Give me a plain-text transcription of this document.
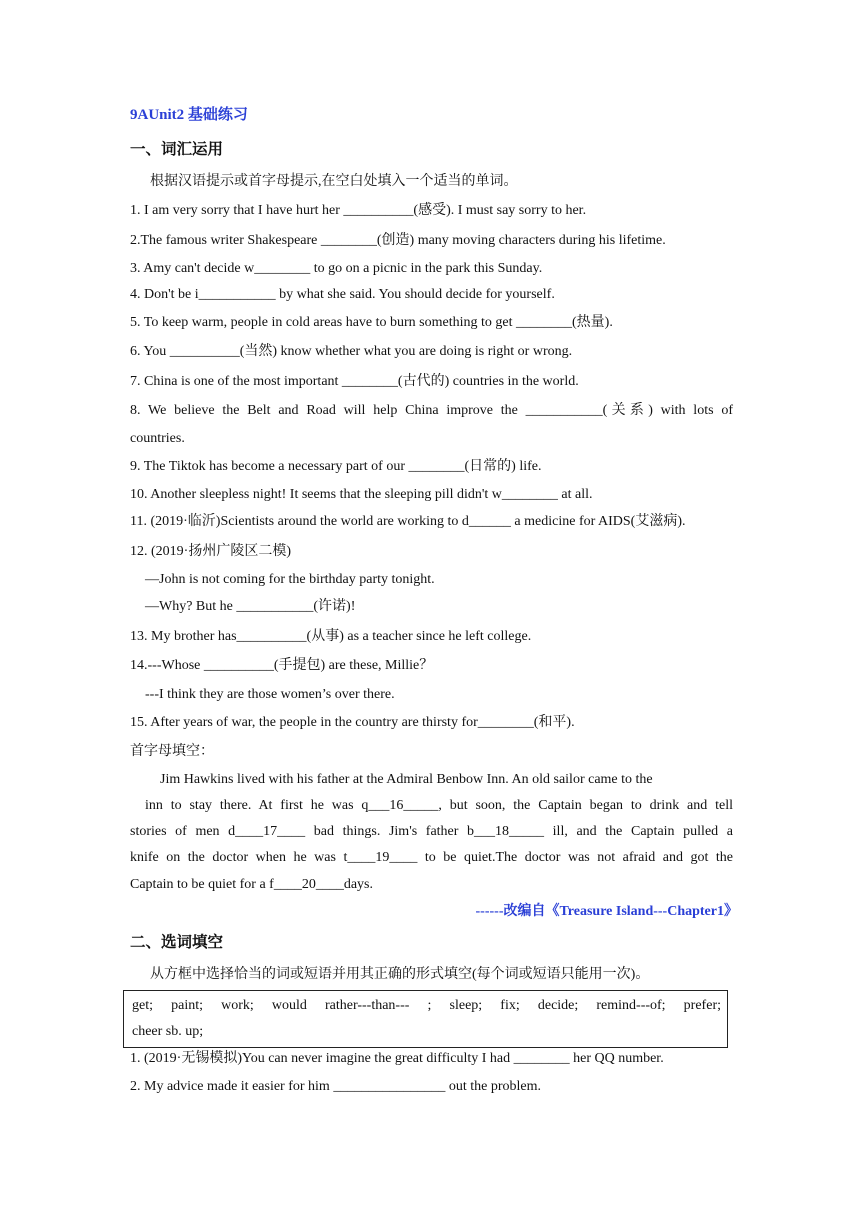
9AUnit2 基础练习
一、词汇运用
根据汉语提示或首字母提示,在空白处填入一个适当的单词。
1. I am very sorry that I have hurt her __________(感受). I must say sorry to her.
2.The famous writer Shakespeare ________(创造) many moving characters during his lifetime.
3. Amy can't decide w________ to go on a picnic in the park this Sunday.
4. Don't be i___________ by what she said. You should decide for yourself.
5. To keep warm, people in cold areas have to burn something to get ________(热量).
6. You __________(当然) know whether what you are doing is right or wrong.
7. China is one of the most important ________(古代的) countries in the world.
8. We believe the Belt and Road will help China improve the ___________(关系) with lots of
countries.
9. The Tiktok has become a necessary part of our ________(日常的) life.
10. Another sleepless night! It seems that the sleeping pill didn't w________ at all.
11. (2019·临沂)Scientists around the world are working to d______ a medicine for AIDS(艾滋病).
12. (2019·扬州广陵区二模)
—John is not coming for the birthday party tonight.
—Why? But he ___________(许诺)!
13. My brother has__________(从事) as a teacher since he left college.
14.---Whose __________(手提包) are these, Millie？
---I think they are those women’s over there.
15. After years of war, the people in the country are thirsty for________(和平).
首字母填空：
Jim Hawkins lived with his father at the Admiral Benbow Inn. An old sailor came to the
inn to stay there. At first he was q___16_____, but soon, the Captain began to drink and tell
stories of men d____17____ bad things. Jim's father b___18_____ ill, and the Captain pulled a
knife on the doctor when he was t____19____ to be quiet.The doctor was not afraid and got the
Captain to be quiet for a f____20____days.
------改编自《Treasure Island---Chapter1》
二、选词填空
从方框中选择恰当的词或短语并用其正确的形式填空(每个词或短语只能用一次)。
get; paint; work; would rather---than--- ; sleep; fix; decide; remind---of; prefer;
cheer sb. up;
1. (2019·无锡模拟)You can never imagine the great difficulty I had ________ her QQ number.
2. My advice made it easier for him ________________ out the problem.
